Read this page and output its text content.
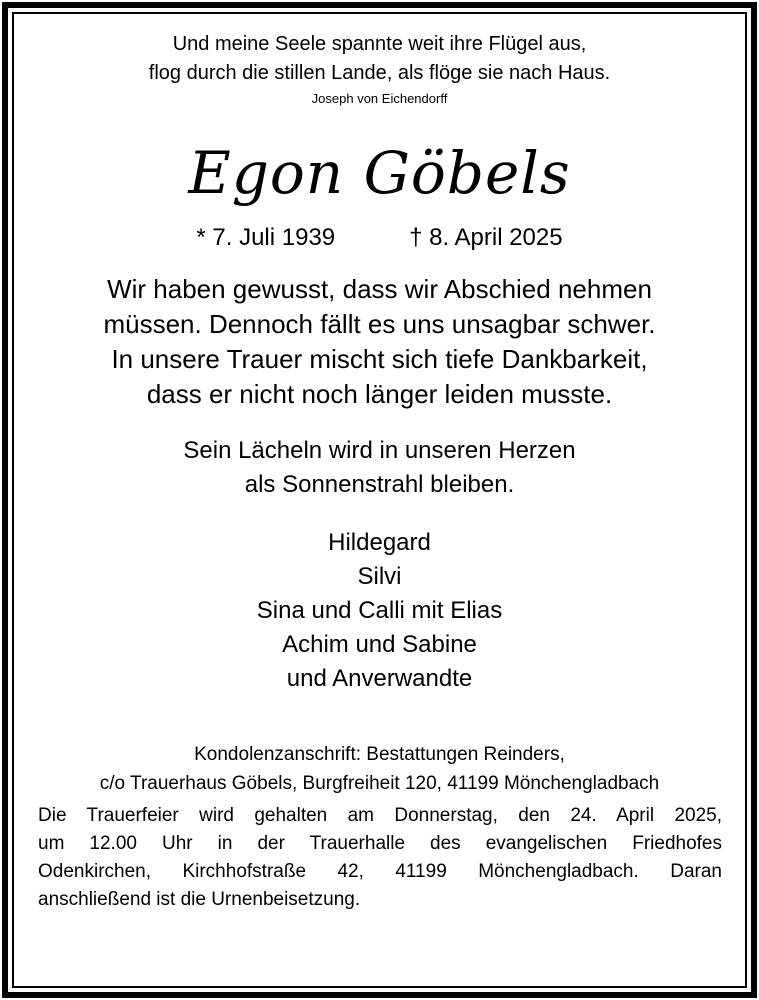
Und meine Seele spannte weit ihre Flügel aus,
flog durch die stillen Lande, als flöge sie nach Haus.
Joseph von Eichendorff
Egon Göbels
* 7. Juli 1939	† 8. April 2025
Wir haben gewusst, dass wir Abschied nehmen
müssen. Dennoch fällt es uns unsagbar schwer.
In unsere Trauer mischt sich tiefe Dankbarkeit,
dass er nicht noch länger leiden musste.
Sein Lächeln wird in unseren Herzen
als Sonnenstrahl bleiben.
Hildegard
Silvi
Sina und Calli mit Elias
Achim und Sabine
und Anverwandte
Kondolenzanschrift: Bestattungen Reinders,
c/o Trauerhaus Göbels, Burgfreiheit 120, 41199 Mönchengladbach
Die Trauerfeier wird gehalten am Donnerstag, den 24. April 2025,
um 12.00 Uhr in der Trauerhalle des evangelischen Friedhofes
Odenkirchen, Kirchhofstraße 42, 41199 Mönchengladbach. Daran
anschließend ist die Urnenbeisetzung.
